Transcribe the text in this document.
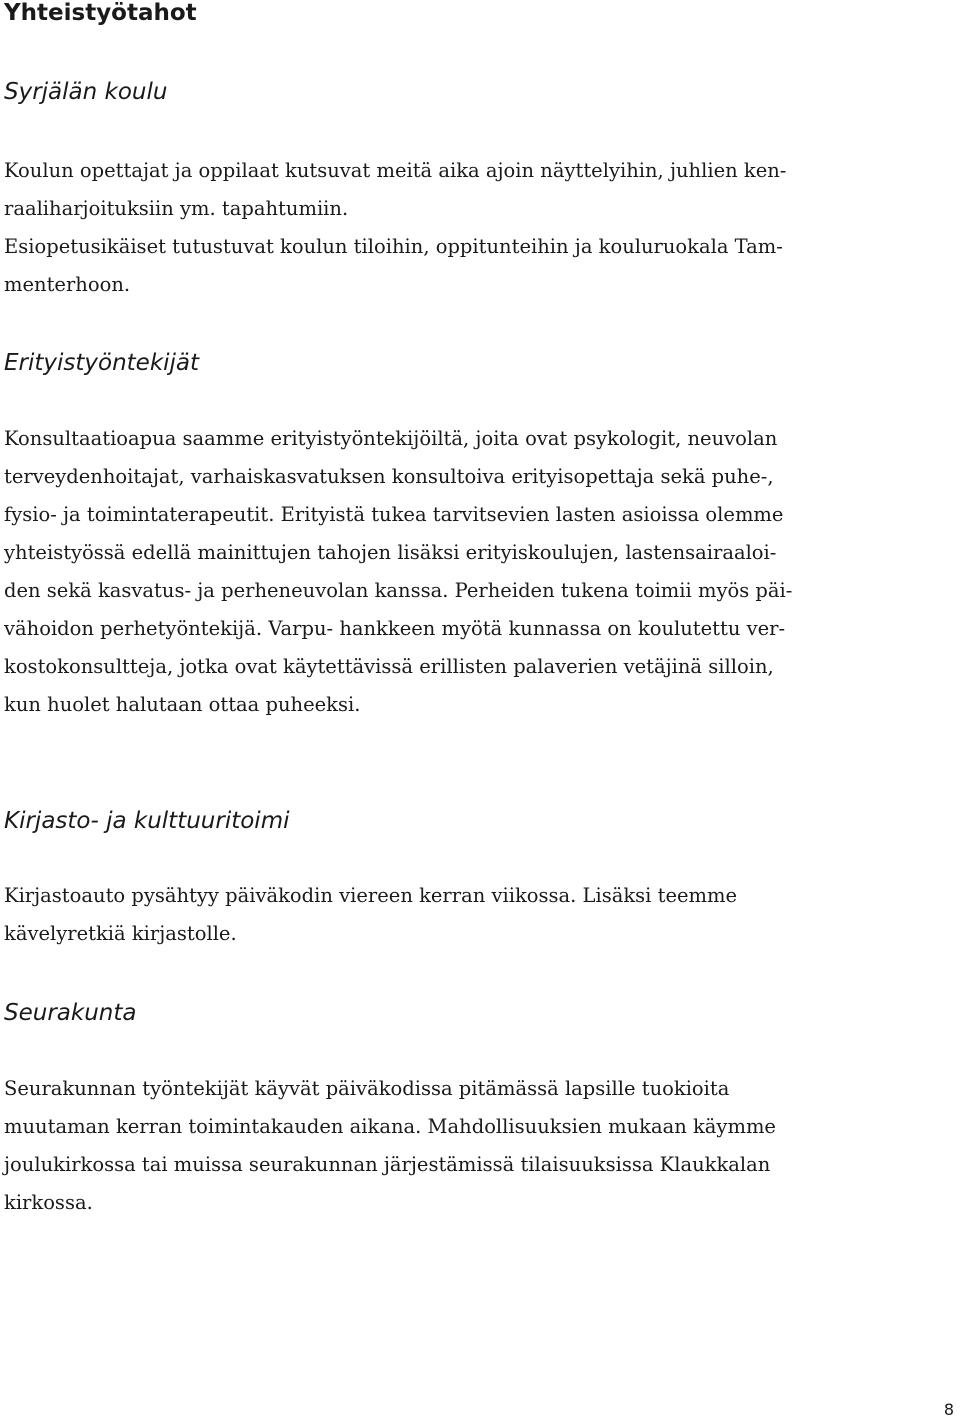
Yhteistyötahot
Syrjälän koulu
Koulun opettajat ja oppilaat kutsuvat meitä aika ajoin näyttelyihin, juhlien ken-
raaliharjoituksiin ym. tapahtumiin.
Esiopetusikäiset tutustuvat koulun tiloihin, oppitunteihin ja kouluruokala Tam-
menterhoon.
Erityistyöntekijät
Konsultaatioapua saamme erityistyöntekijöiltä, joita ovat psykologit, neuvolan
terveydenhoitajat, varhaiskasvatuksen konsultoiva erityisopettaja sekä puhe-,
fysio- ja toimintaterapeutit. Erityistä tukea tarvitsevien lasten asioissa olemme
yhteistyössä edellä mainittujen tahojen lisäksi erityiskoulujen, lastensairaaloi-
den sekä kasvatus- ja perheneuvolan kanssa. Perheiden tukena toimii myös päi-
vähoidon perhetyöntekijä. Varpu- hankkeen myötä kunnassa on koulutettu ver-
kostokonsultteja, jotka ovat käytettävissä erillisten palaverien vetäjinä silloin,
kun huolet halutaan ottaa puheeksi.
Kirjasto- ja kulttuuritoimi
Kirjastoauto pysähtyy päiväkodin viereen kerran viikossa. Lisäksi teemme
kävelyretkiä kirjastolle.
Seurakunta
Seurakunnan työntekijät käyvät päiväkodissa pitämässä lapsille tuokioita
muutaman kerran toimintakauden aikana. Mahdollisuuksien mukaan käymme
joulukirkossa tai muissa seurakunnan järjestämissä tilaisuuksissa Klaukkalan
kirkossa.
8
